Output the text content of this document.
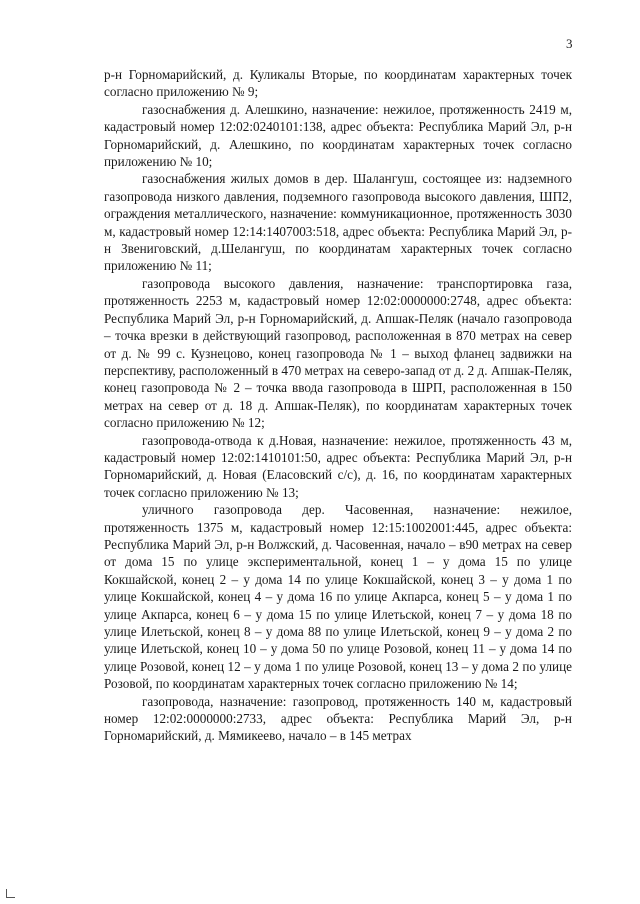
3

р-н Горномарийский, д. Куликалы Вторые, по координатам характерных точек согласно приложению № 9;

газоснабжения д. Алешкино, назначение: нежилое, протяженность 2419 м, кадастровый номер 12:02:0240101:138, адрес объекта: Республика Марий Эл, р-н Горномарийский, д. Алешкино, по координатам характерных точек согласно приложению № 10;

газоснабжения жилых домов в дер. Шалангуш, состоящее из: надземного газопровода низкого давления, подземного газопровода высокого давления, ШП2, ограждения металлического, назначение: коммуникационное, протяженность 3030 м, кадастровый номер 12:14:1407003:518, адрес объекта: Республика Марий Эл, р-н Звениговский, д.Шелангуш, по координатам характерных точек согласно приложению № 11;

газопровода высокого давления, назначение: транспортировка газа, протяженность 2253 м, кадастровый номер 12:02:0000000:2748, адрес объекта: Республика Марий Эл, р-н Горномарийский, д. Апшак-Пеляк (начало газопровода – точка врезки в действующий газопровод, расположенная в 870 метрах на север от д. № 99 с. Кузнецово, конец газопровода № 1 – выход фланец задвижки на перспективу, расположенный в 470 метрах на северо-запад от д. 2 д. Апшак-Пеляк, конец газопровода № 2 – точка ввода газопровода в ШРП, расположенная в 150 метрах на север от д. 18 д. Апшак-Пеляк), по координатам характерных точек согласно приложению № 12;

газопровода-отвода к д.Новая, назначение: нежилое, протяженность 43 м, кадастровый номер 12:02:1410101:50, адрес объекта: Республика Марий Эл, р-н Горномарийский, д. Новая (Еласовский с/с), д. 16, по координатам характерных точек согласно приложению № 13;

уличного газопровода дер. Часовенная, назначение: нежилое, протяженность 1375 м, кадастровый номер 12:15:1002001:445, адрес объекта: Республика Марий Эл, р-н Волжский, д. Часовенная, начало – в90 метрах на север от дома 15 по улице экспериментальной, конец 1 – у дома 15 по улице Кокшайской, конец 2 – у дома 14 по улице Кокшайской, конец 3 – у дома 1 по улице Кокшайской, конец 4 – у дома 16 по улице Акпарса, конец 5 – у дома 1 по улице Акпарса, конец 6 – у дома 15 по улице Илетьской, конец 7 – у дома 18 по улице Илетьской, конец 8 – у дома 88 по улице Илетьской, конец 9 – у дома 2 по улице Илетьской, конец 10 – у дома 50 по улице Розовой, конец 11 – у дома 14 по улице Розовой, конец 12 – у дома 1 по улице Розовой, конец 13 – у дома 2 по улице Розовой, по координатам характерных точек согласно приложению № 14;

газопровода, назначение: газопровод, протяженность 140 м, кадастровый номер 12:02:0000000:2733, адрес объекта: Республика Марий Эл, р-н Горномарийский, д. Мямикеево, начало – в 145 метрах
